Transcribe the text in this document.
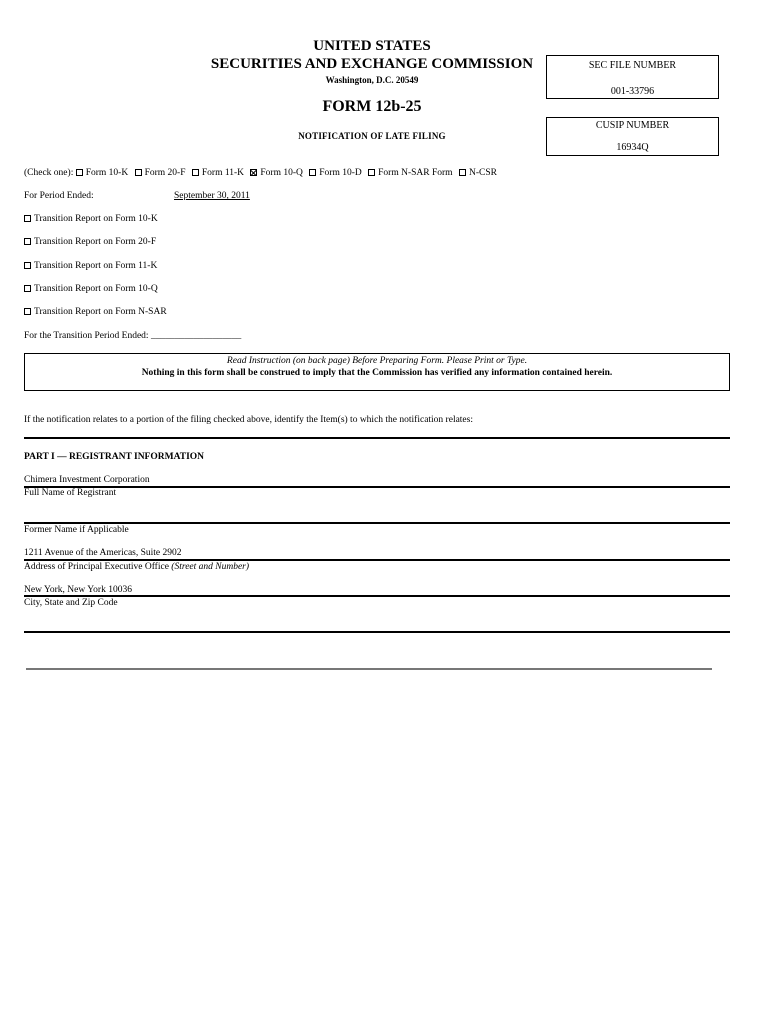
UNITED STATES
SECURITIES AND EXCHANGE COMMISSION
Washington, D.C. 20549
FORM 12b-25
NOTIFICATION OF LATE FILING
SEC FILE NUMBER
001-33796
CUSIP NUMBER
16934Q
(Check one): Form 10-K Form 20-F Form 11-K Form 10-Q Form 10-D Form N-SAR Form N-CSR
For Period Ended:	September 30, 2011
Transition Report on Form 10-K
Transition Report on Form 20-F
Transition Report on Form 11-K
Transition Report on Form 10-Q
Transition Report on Form N-SAR
For the Transition Period Ended: ___________________
Read Instruction (on back page) Before Preparing Form. Please Print or Type.
Nothing in this form shall be construed to imply that the Commission has verified any information contained herein.
If the notification relates to a portion of the filing checked above, identify the Item(s) to which the notification relates:
PART I — REGISTRANT INFORMATION
Chimera Investment Corporation
Full Name of Registrant
Former Name if Applicable
1211 Avenue of the Americas, Suite 2902
Address of Principal Executive Office (Street and Number)
New York, New York 10036
City, State and Zip Code
